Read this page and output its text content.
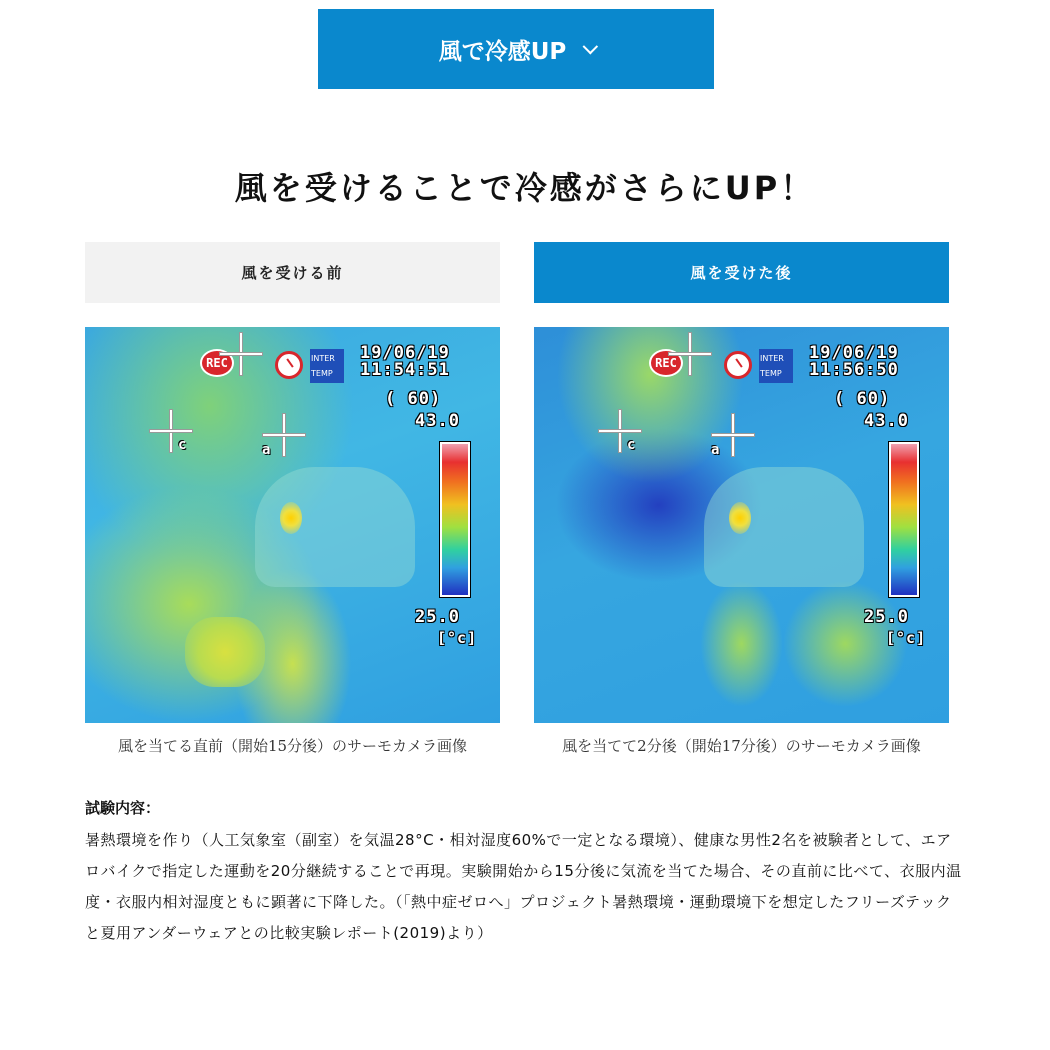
風で冷感UP
風を受けることで冷感がさらにUP！
風を受ける前	風を受けた後
REC	INTER
TEMP
19/06/19
11:54:51
( 60)
43.0
25.0
[°c]
c	a
REC	INTER
TEMP
19/06/19
11:56:50
( 60)
43.0
25.0
[°c]
c	a
風を当てる直前（開始15分後）のサーモカメラ画像	風を当てて2分後（開始17分後）のサーモカメラ画像
試験内容：
暑熱環境を作り（人工気象室（副室）を気温28°C・相対湿度60%で一定となる環境）、健康な男性2名を被験者として、エアロバイクで指定した運動を20分継続することで再現。実験開始から15分後に気流を当てた場合、その直前に比べて、衣服内温度・衣服内相対湿度ともに顕著に下降した。（「熱中症ゼロへ」プロジェクト暑熱環境・運動環境下を想定したフリーズテックと夏用アンダーウェアとの比較実験レポート(2019)より）
